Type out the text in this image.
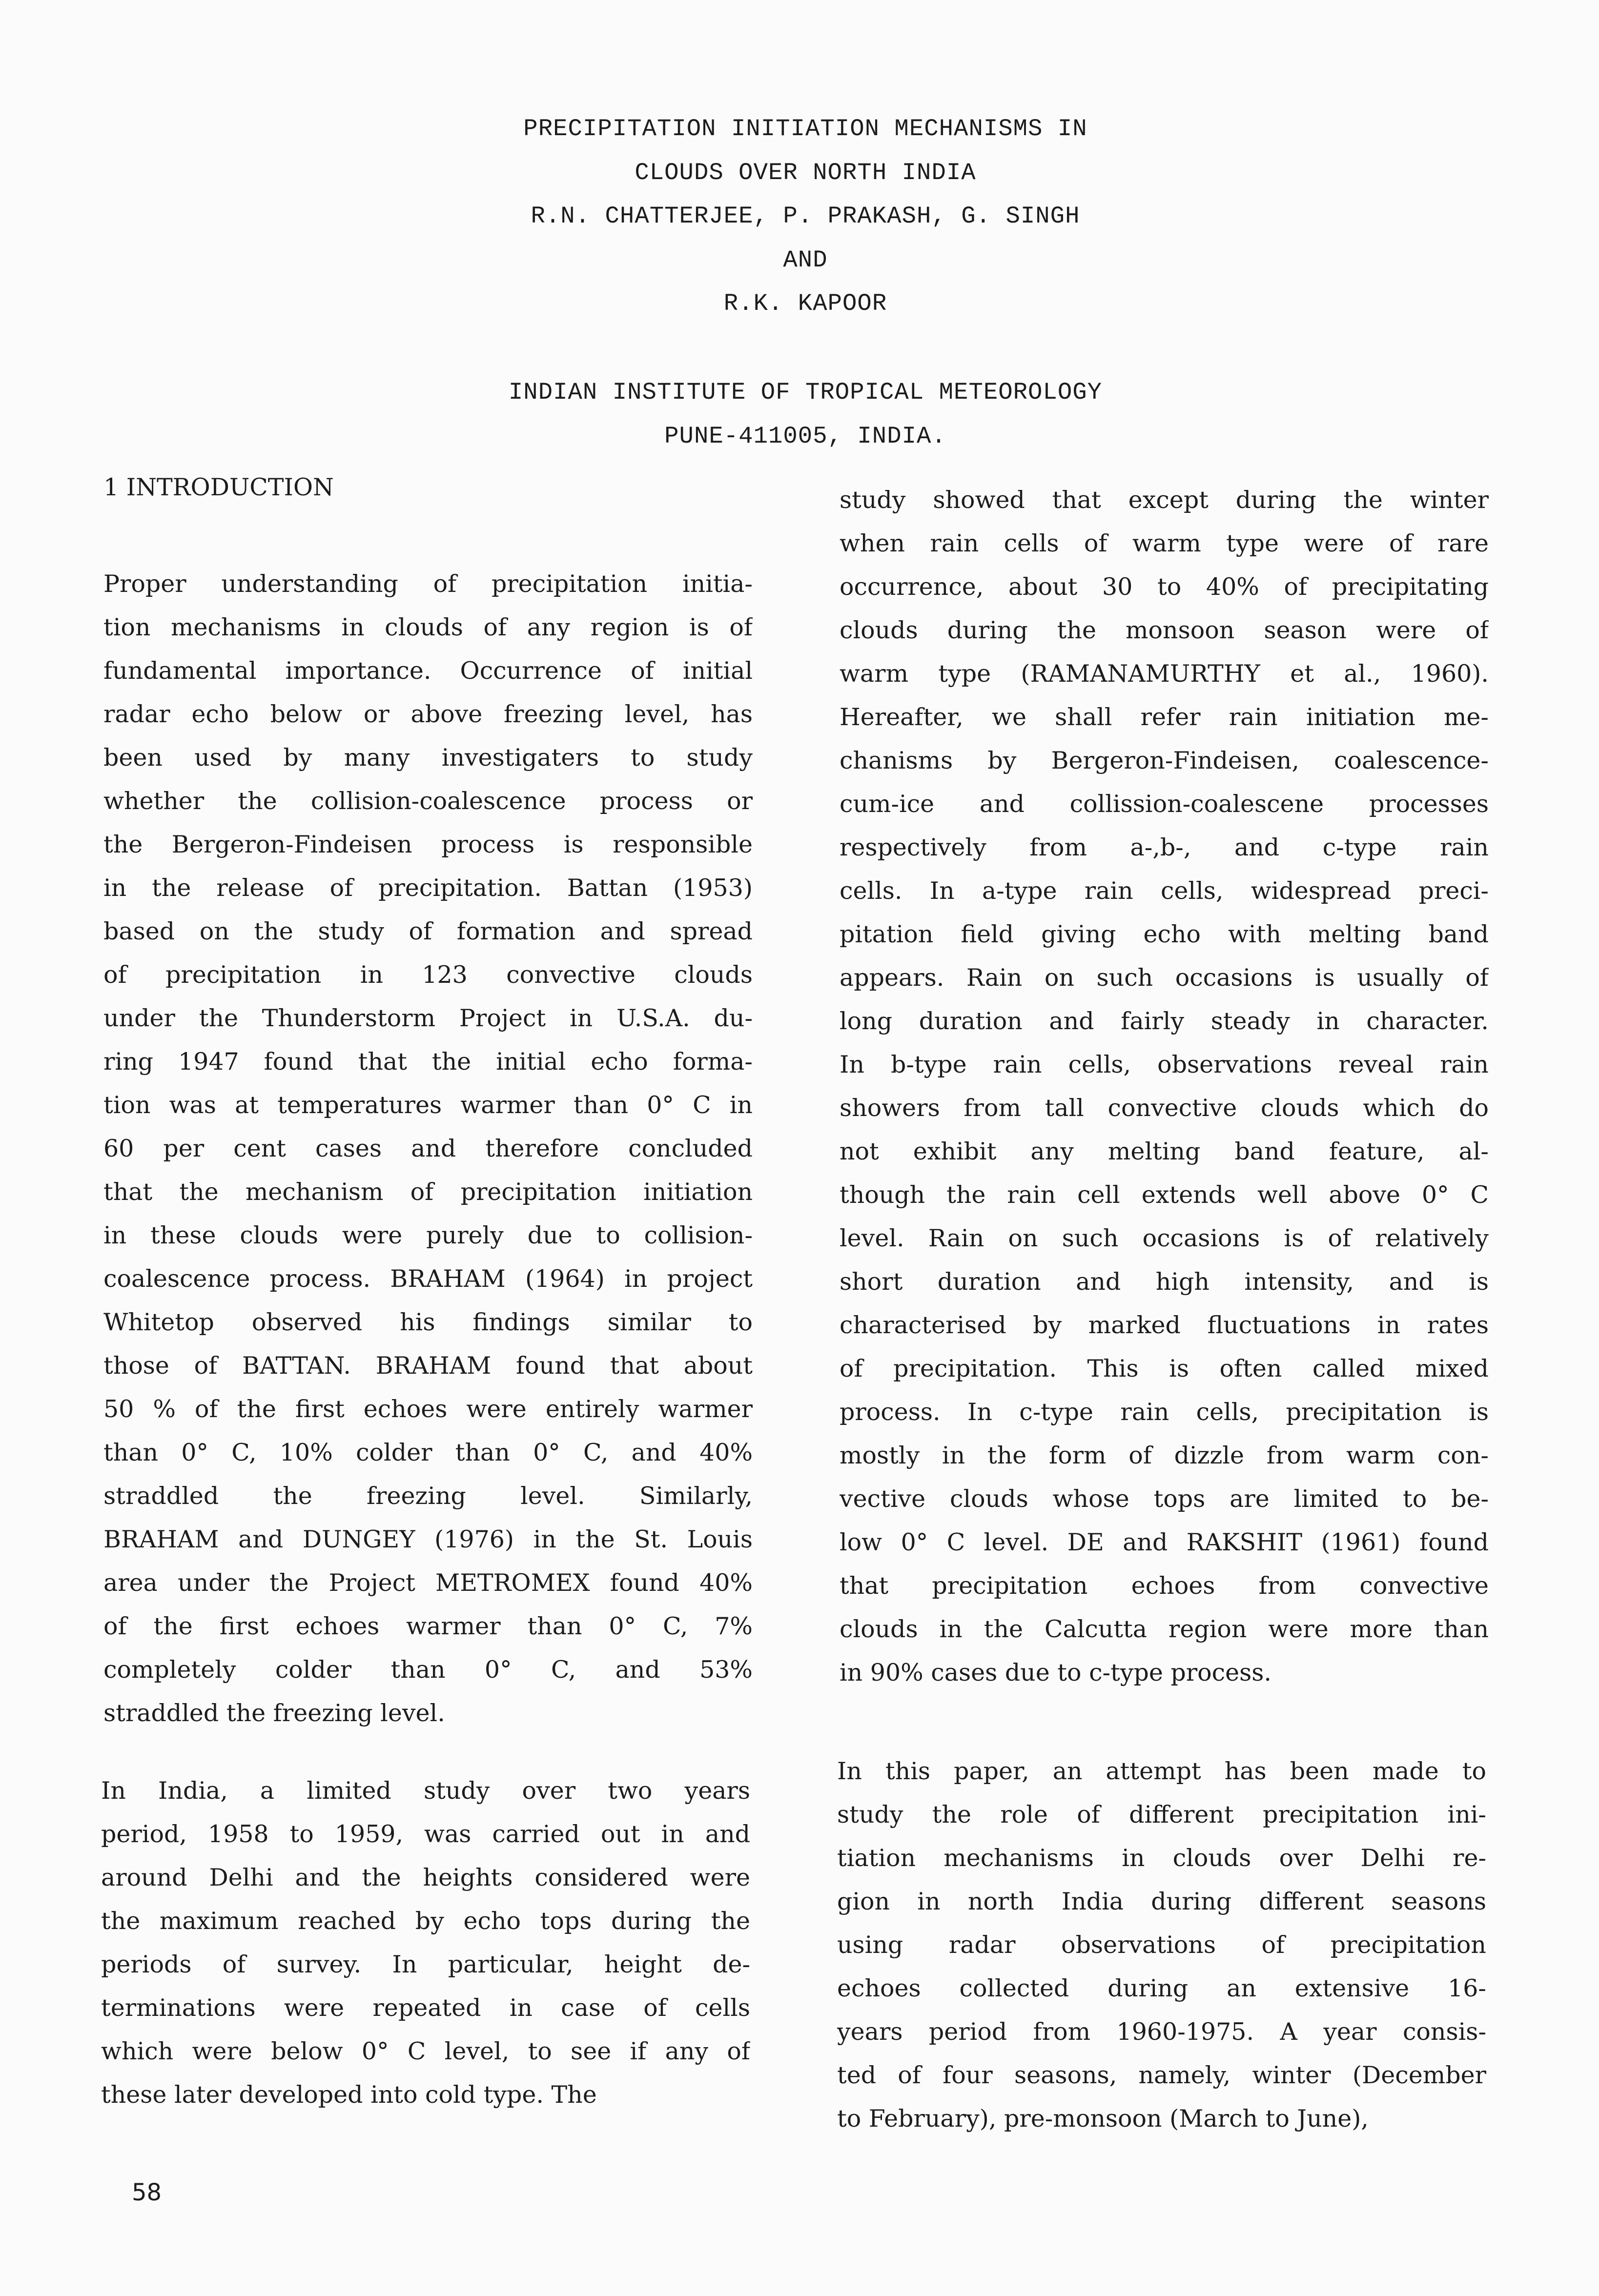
PRECIPITATION INITIATION MECHANISMS IN

CLOUDS OVER NORTH INDIA

R.N. CHATTERJEE, P. PRAKASH, G. SINGH

AND

R.K. KAPOOR

INDIAN INSTITUTE OF TROPICAL METEOROLOGY

PUNE-411005, INDIA.

1 INTRODUCTION

Proper understanding of precipitation initia-
tion mechanisms in clouds of any region is of
fundamental importance. Occurrence of initial
radar echo below or above freezing level, has
been used by many investigaters to study
whether the collision-coalescence process or
the Bergeron-Findeisen process is responsible
in the release of precipitation. Battan (1953)
based on the study of formation and spread
of precipitation in 123 convective clouds
under the Thunderstorm Project in U.S.A. du-
ring 1947 found that the initial echo forma-
tion was at temperatures warmer than 0° C in
60 per cent cases and therefore concluded
that the mechanism of precipitation initiation
in these clouds were purely due to collision-
coalescence process. BRAHAM (1964) in project
Whitetop observed his findings similar to
those of BATTAN. BRAHAM found that about
50 % of the first echoes were entirely warmer
than 0° C, 10% colder than 0° C, and 40%
straddled the freezing level. Similarly,
BRAHAM and DUNGEY (1976) in the St. Louis
area under the Project METROMEX found 40%
of the first echoes warmer than 0° C, 7%
completely colder than 0° C, and 53%
straddled the freezing level.
In India, a limited study over two years
period, 1958 to 1959, was carried out in and
around Delhi and the heights considered were
the maximum reached by echo tops during the
periods of survey. In particular, height de-
terminations were repeated in case of cells
which were below 0° C level, to see if any of
these later developed into cold type. The
study showed that except during the winter
when rain cells of warm type were of rare
occurrence, about 30 to 40% of precipitating
clouds during the monsoon season were of
warm type (RAMANAMURTHY et al., 1960).
Hereafter, we shall refer rain initiation me-
chanisms by Bergeron-Findeisen, coalescence-
cum-ice and collission-coalescene processes
respectively from a-,b-, and c-type rain
cells. In a-type rain cells, widespread preci-
pitation field giving echo with melting band
appears. Rain on such occasions is usually of
long duration and fairly steady in character.
In b-type rain cells, observations reveal rain
showers from tall convective clouds which do
not exhibit any melting band feature, al-
though the rain cell extends well above 0° C
level. Rain on such occasions is of relatively
short duration and high intensity, and is
characterised by marked fluctuations in rates
of precipitation. This is often called mixed
process. In c-type rain cells, precipitation is
mostly in the form of dizzle from warm con-
vective clouds whose tops are limited to be-
low 0° C level. DE and RAKSHIT (1961) found
that precipitation echoes from convective
clouds in the Calcutta region were more than
in 90% cases due to c-type process.
In this paper, an attempt has been made to
study the role of different precipitation ini-
tiation mechanisms in clouds over Delhi re-
gion in north India during different seasons
using radar observations of precipitation
echoes collected during an extensive 16-
years period from 1960-1975. A year consis-
ted of four seasons, namely, winter (December
to February), pre-monsoon (March to June),
58
